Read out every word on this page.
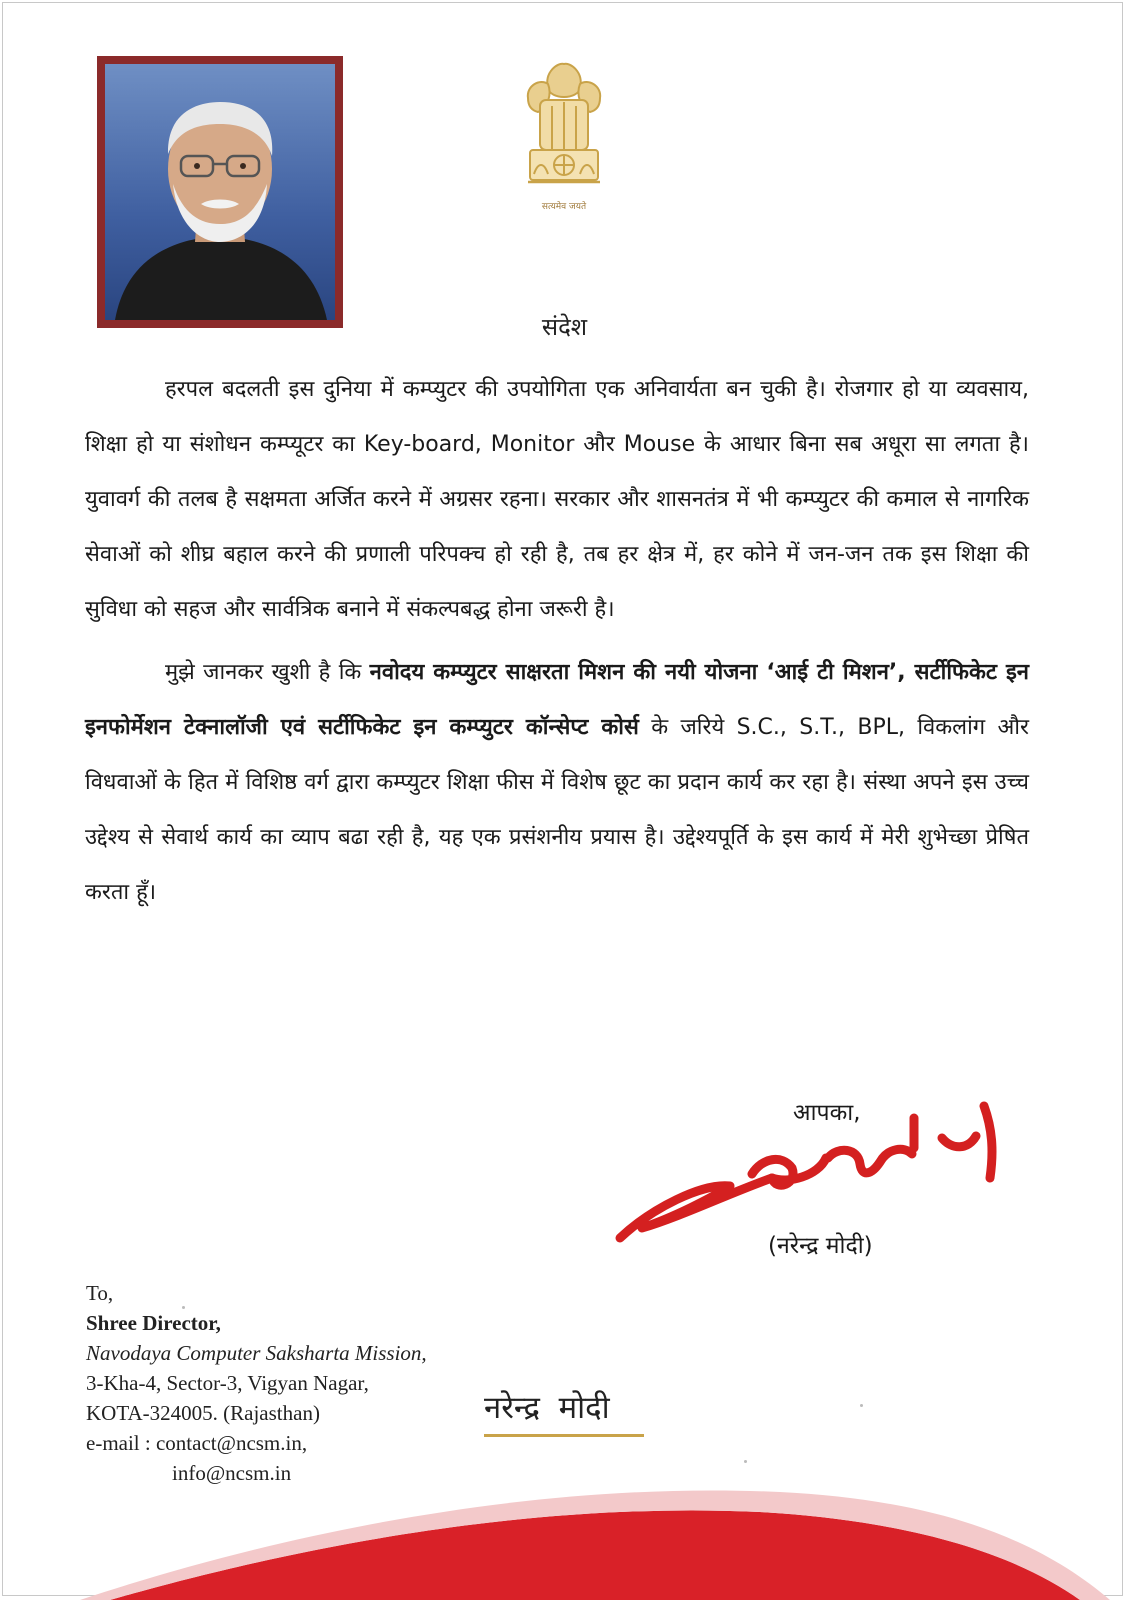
सत्यमेव जयते
संदेश

हरपल बदलती इस दुनिया में कम्प्युटर की उपयोगिता एक अनिवार्यता बन चुकी है। रोजगार हो या व्यवसाय, शिक्षा हो या संशोधन कम्प्यूटर का Key-board, Monitor और Mouse के आधार बिना सब अधूरा सा लगता है। युवावर्ग की तलब है सक्षमता अर्जित करने में अग्रसर रहना। सरकार और शासनतंत्र में भी कम्प्युटर की कमाल से नागरिक सेवाओं को शीघ्र बहाल करने की प्रणाली परिपक्च हो रही है, तब हर क्षेत्र में, हर कोने में जन-जन तक इस शिक्षा की सुविधा को सहज और सार्वत्रिक बनाने में संकल्पबद्ध होना जरूरी है।

मुझे जानकर खुशी है कि नवोदय कम्प्युटर साक्षरता मिशन की नयी योजना ‘आई टी मिशन’, सर्टीफिकेट इन इनफोर्मेशन टेक्नालॉजी एवं सर्टीफिकेट इन कम्प्युटर कॉन्सेप्ट कोर्स के जरिये S.C., S.T., BPL, विकलांग और विधवाओं के हित में विशिष्ठ वर्ग द्वारा कम्प्युटर शिक्षा फीस में विशेष छूट का प्रदान कार्य कर रहा है। संस्था अपने इस उच्च उद्देश्य से सेवार्थ कार्य का व्याप बढा रही है, यह एक प्रसंशनीय प्रयास है। उद्देश्यपूर्ति के इस कार्य में मेरी शुभेच्छा प्रेषित करता हूँ।

आपका,
(नरेन्द्र मोदी)
To,
Shree Director,
Navodaya Computer Saksharta Mission,
3-Kha-4, Sector-3, Vigyan Nagar,
KOTA-324005. (Rajasthan)
e-mail : contact@ncsm.in,
info@ncsm.in
नरेन्द्र मोदी
